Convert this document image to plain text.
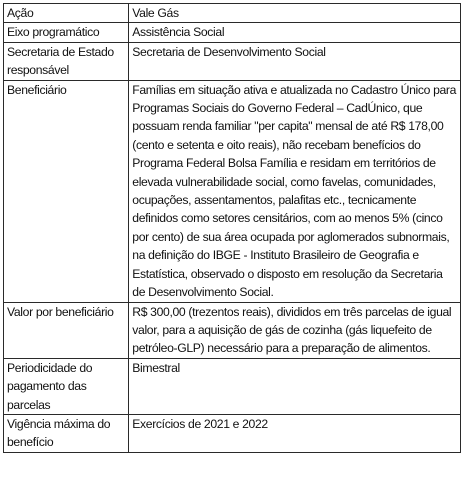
Ação	Vale Gás
Eixo programático	Assistência Social
Secretaria de Estado responsável	Secretaria de Desenvolvimento Social
Beneficiário	Famílias em situação ativa e atualizada no Cadastro Único para Programas Sociais do Governo Federal – CadÚnico, que possuam renda familiar "per capita" mensal de até R$ 178,00 (cento e setenta e oito reais), não recebam benefícios do Programa Federal Bolsa Família e residam em territórios de elevada vulnerabilidade social, como favelas, comunidades, ocupações, assentamentos, palafitas etc., tecnicamente definidos como setores censitários, com ao menos 5% (cinco por cento) de sua área ocupada por aglomerados subnormais, na definição do IBGE - Instituto Brasileiro de Geografia e Estatística, observado o disposto em resolução da Secretaria de Desenvolvimento Social.
Valor por beneficiário	R$ 300,00 (trezentos reais), divididos em três parcelas de igual valor, para a aquisição de gás de cozinha (gás liquefeito de petróleo-GLP) necessário para a preparação de alimentos.
Periodicidade do pagamento das parcelas	Bimestral
Vigência máxima do benefício	Exercícios de 2021 e 2022
